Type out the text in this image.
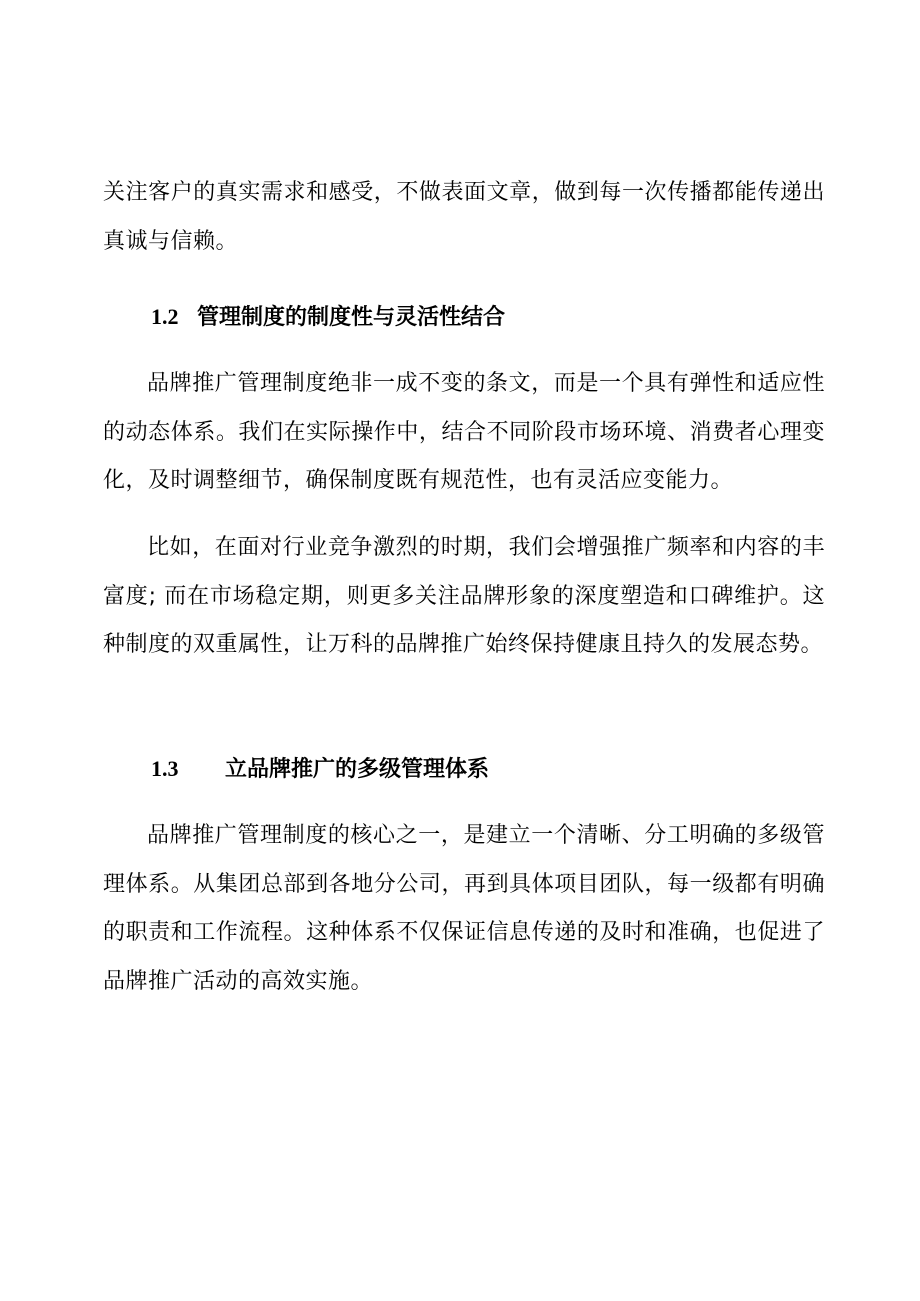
关注客户的真实需求和感受，不做表面文章，做到每一次传播都能传递出真诚与信赖。

1.2 管理制度的制度性与灵活性结合

品牌推广管理制度绝非一成不变的条文，而是一个具有弹性和适应性的动态体系。我们在实际操作中，结合不同阶段市场环境、消费者心理变化，及时调整细节，确保制度既有规范性，也有灵活应变能力。

比如，在面对行业竞争激烈的时期，我们会增强推广频率和内容的丰富度; 而在市场稳定期，则更多关注品牌形象的深度塑造和口碑维护。这种制度的双重属性，让万科的品牌推广始终保持健康且持久的发展态势。

1.3 立品牌推广的多级管理体系

品牌推广管理制度的核心之一，是建立一个清晰、分工明确的多级管理体系。从集团总部到各地分公司，再到具体项目团队，每一级都有明确的职责和工作流程。这种体系不仅保证信息传递的及时和准确，也促进了品牌推广活动的高效实施。
